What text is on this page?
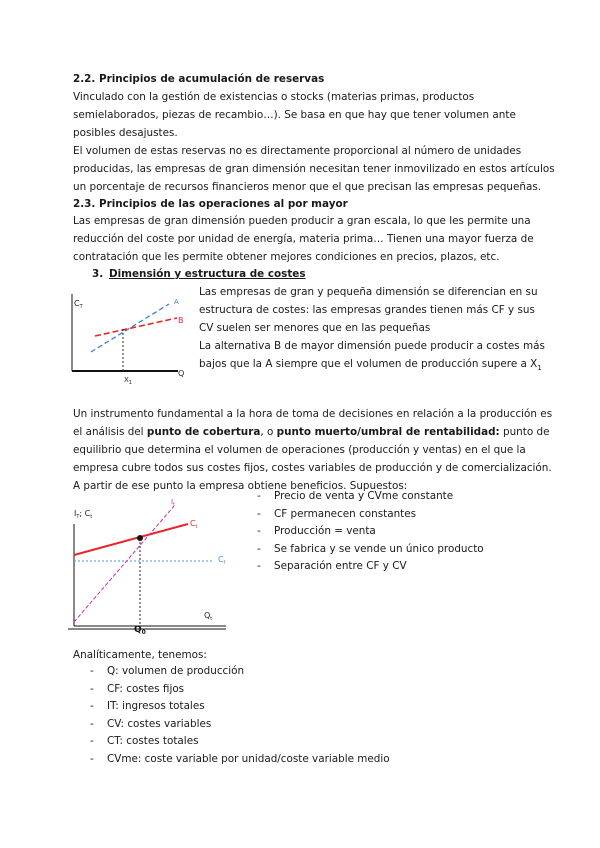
2.2. Principios de acumulación de reservas

Vinculado con la gestión de existencias o stocks (materias primas, productos

semielaborados, piezas de recambio…). Se basa en que hay que tener volumen ante

posibles desajustes.

El volumen de estas reservas no es directamente proporcional al número de unidades

producidas, las empresas de gran dimensión necesitan tener inmovilizado en estos artículos

un porcentaje de recursos financieros menor que el que precisan las empresas pequeñas.

2.3. Principios de las operaciones al por mayor

Las empresas de gran dimensión pueden producir a gran escala, lo que les permite una

reducción del coste por unidad de energía, materia prima… Tienen una mayor fuerza de

contratación que les permite obtener mejores condiciones en precios, plazos, etc.

3. Dimensión y estructura de costes

Las empresas de gran y pequeña dimensión se diferencian en su

estructura de costes: las empresas grandes tienen más CF y sus

CV suelen ser menores que en las pequeñas

La alternativa B de mayor dimensión puede producir a costes más

bajos que la A siempre que el volumen de producción supere a $X_1$

$C_T$
A
B
Q
$X_1$

Un instrumento fundamental a la hora de toma de decisiones en relación a la producción es

el análisis del punto de cobertura, o punto muerto/umbral de rentabilidad: punto de

equilibrio que determina el volumen de operaciones (producción y ventas) en el que la

empresa cubre todos sus costes fijos, costes variables de producción y de comercialización.

A partir de ese punto la empresa obtiene beneficios. Supuestos:

- Precio de venta y CVme constante
- CF permanecen constantes
- Producción = venta
- Se fabrica y se vende un único producto
- Separación entre CF y CV
$I_T$; $C_t$
$I_t$
$C_t$
$C_f$
$Q_t$
$Q_0$

Analíticamente, tenemos:

- Q: volumen de producción
- CF: costes fijos
- IT: ingresos totales
- CV: costes variables
- CT: costes totales
- CVme: coste variable por unidad/coste variable medio
